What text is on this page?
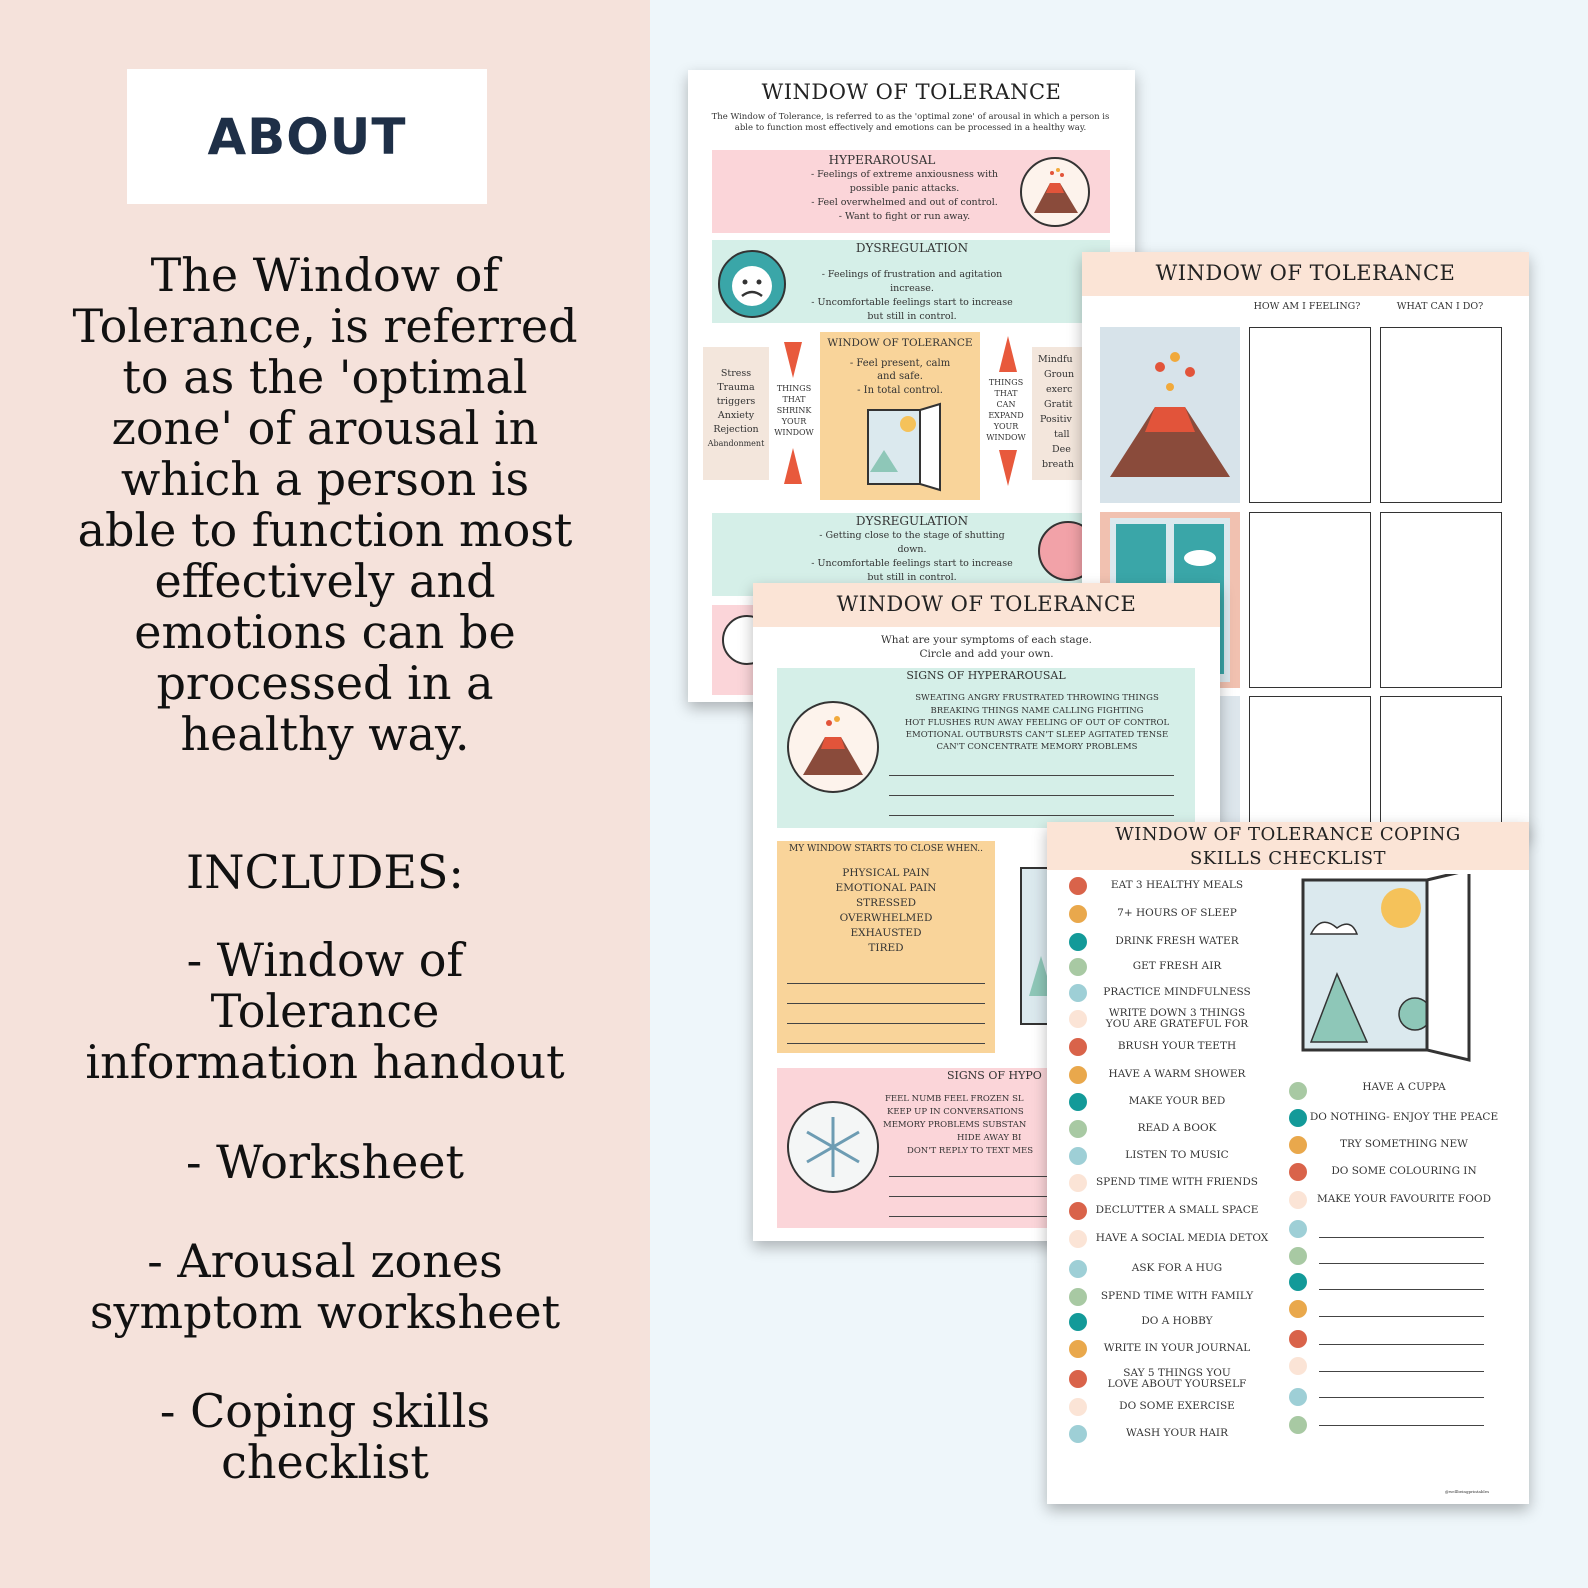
ABOUT
The Window of Tolerance, is referred to as the 'optimal zone' of arousal in which a person is able to function most effectively and emotions can be processed in a healthy way.
INCLUDES:
- Window of Tolerance information handout
- Worksheet
- Arousal zones symptom worksheet
- Coping skills checklist
WINDOW OF TOLERANCE
The Window of Tolerance, is referred to as the 'optimal zone' of arousal in which a person is able to function most effectively and emotions can be processed in a healthy way.
HYPERAROUSAL
- Feelings of extreme anxiousness with possible panic attacks.
- Feel overwhelmed and out of control.
- Want to fight or run away.
DYSREGULATION
- Feelings of frustration and agitation increase.
- Uncomfortable feelings start to increase but still in control.
Stress
Trauma
triggers
Anxiety
Rejection
Abandonment
THINGS THAT SHRINK YOUR WINDOW
WINDOW OF TOLERANCE
- Feel present, calm and safe.
- In total control.
THINGS THAT CAN EXPAND YOUR WINDOW
Mindfu
Groun
exerc
Gratit
Positiv
tall
Dee
breath
DYSREGULATION
- Getting close to the stage of shutting down.
- Uncomfortable feelings start to increase but still in control.
WINDOW OF TOLERANCE
HOW AM I FEELING?	WHAT CAN I DO?
WINDOW OF TOLERANCE
What are your symptoms of each stage.
Circle and add your own.
SIGNS OF HYPERAROUSAL
SWEATING ANGRY FRUSTRATED THROWING THINGS
BREAKING THINGS NAME CALLING FIGHTING
HOT FLUSHES RUN AWAY FEELING OF OUT OF CONTROL
EMOTIONAL OUTBURSTS CAN'T SLEEP AGITATED TENSE
CAN'T CONCENTRATE MEMORY PROBLEMS
MY WINDOW STARTS TO CLOSE WHEN..
PHYSICAL PAIN
EMOTIONAL PAIN
STRESSED
OVERWHELMED
EXHAUSTED
TIRED
SIGNS OF HYPO
FEEL NUMB FEEL FROZEN SL
KEEP UP IN CONVERSATIONS
MEMORY PROBLEMS SUBSTAN
HIDE AWAY BI
DON'T REPLY TO TEXT MES
WINDOW OF TOLERANCE COPING
SKILLS CHECKLIST
EAT 3 HEALTHY MEALS
7+ HOURS OF SLEEP
DRINK FRESH WATER
GET FRESH AIR
PRACTICE MINDFULNESS
WRITE DOWN 3 THINGS YOU ARE GRATEFUL FOR
BRUSH YOUR TEETH
HAVE A WARM SHOWER
MAKE YOUR BED
READ A BOOK
LISTEN TO MUSIC
SPEND TIME WITH FRIENDS
DECLUTTER A SMALL SPACE
HAVE A SOCIAL MEDIA DETOX
ASK FOR A HUG
SPEND TIME WITH FAMILY
DO A HOBBY
WRITE IN YOUR JOURNAL
SAY 5 THINGS YOU LOVE ABOUT YOURSELF
DO SOME EXERCISE
WASH YOUR HAIR
HAVE A CUPPA
DO NOTHING- ENJOY THE PEACE
TRY SOMETHING NEW
DO SOME COLOURING IN
MAKE YOUR FAVOURITE FOOD
@wellbeingprintables
